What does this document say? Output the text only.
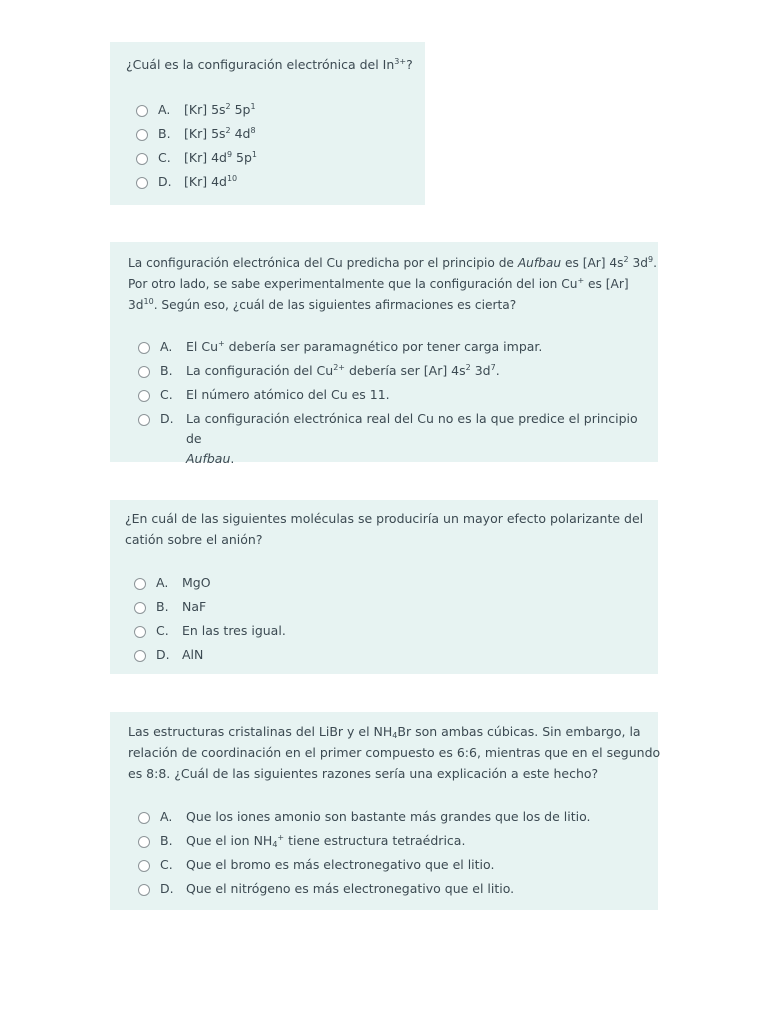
¿Cuál es la configuración electrónica del $In^{3+}$?
A.	[Kr] $5s^2$ $5p^1$
B.	[Kr] $5s^2$ $4d^8$
C.	[Kr] $4d^9$ $5p^1$
D. [Kr] $4d^{10}$
La configuración electrónica del Cu predicha por el principio de Aufbau es [Ar] $4s^2$ $3d^9$.
Por otro lado, se sabe experimentalmente que la configuración del ion Cu+ es [Ar]
$3d^{10}$. Según eso, ¿cuál de las siguientes afirmaciones es cierta?
A.	El Cu+ debería ser paramagnético por tener carga impar.
B.	La configuración del $Cu^{2+}$ debería ser [Ar] $4s^2$ $3d^7$.
C.	El número atómico del Cu es 11.
D. La configuración electrónica real del Cu no es la que predice el principio de
Aufbau.
¿En cuál de las siguientes moléculas se produciría un mayor efecto polarizante del
catión sobre el anión?
A.	MgO
B.	NaF
C.	En las tres igual.
D. AlN
Las estructuras cristalinas del LiBr y el $NH_4Br$ son ambas cúbicas. Sin embargo, la
relación de coordinación en el primer compuesto es 6:6, mientras que en el segundo
es 8:8. ¿Cuál de las siguientes razones sería una explicación a este hecho?
A.	Que los iones amonio son bastante más grandes que los de litio.
B.	Que el ion $NH_4^+$ tiene estructura tetraédrica.
C.	Que el bromo es más electronegativo que el litio.
D. Que el nitrógeno es más electronegativo que el litio.
